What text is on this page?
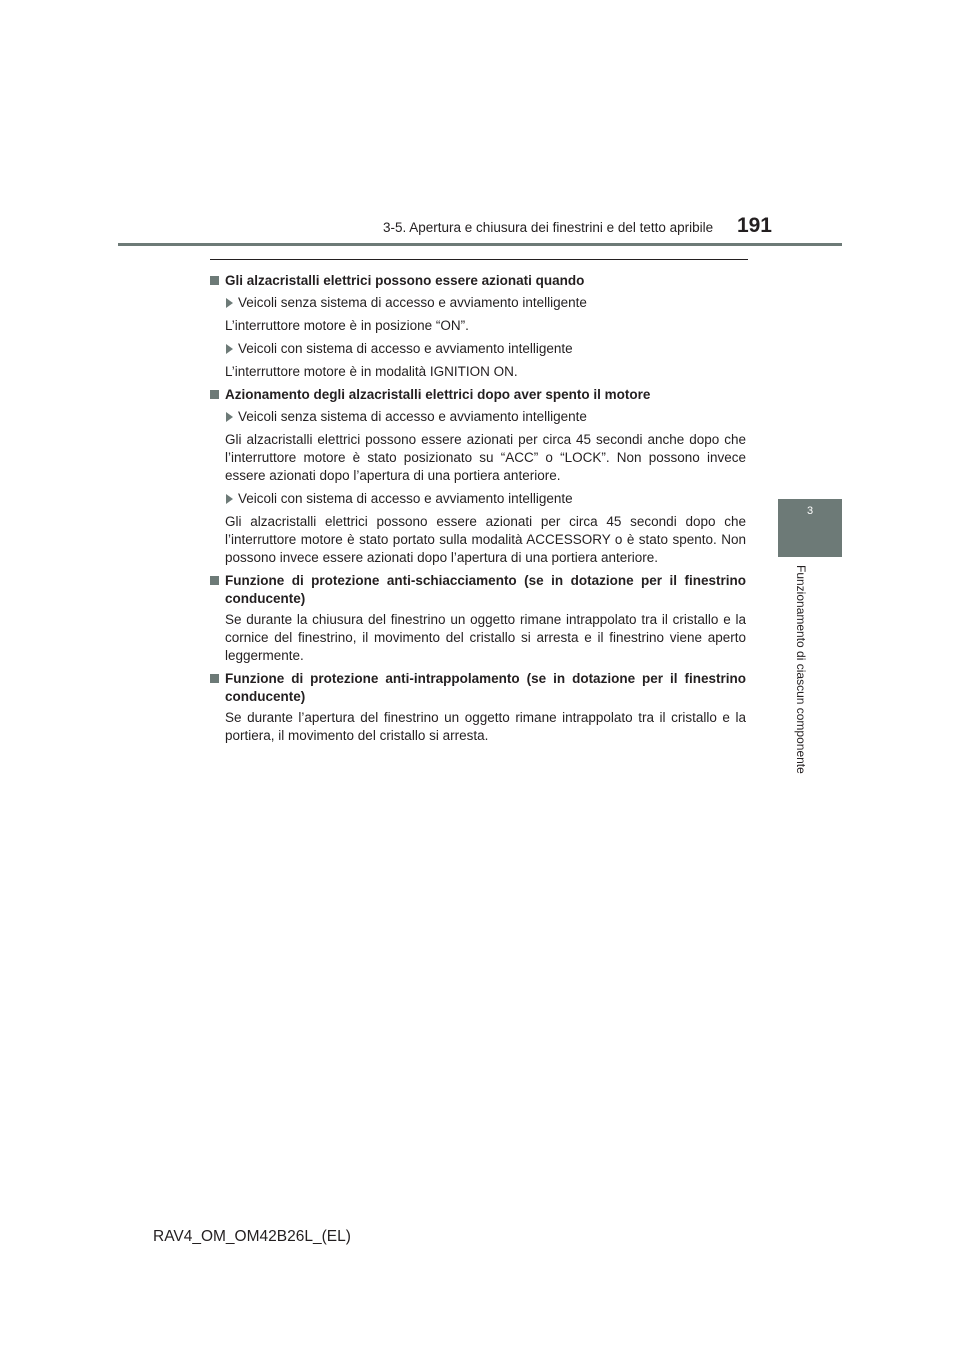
3-5. Apertura e chiusura dei finestrini e del tetto apribile	191
3
Funzionamento di ciascun componente
Gli alzacristalli elettrici possono essere azionati quando
Veicoli senza sistema di accesso e avviamento intelligente
L’interruttore motore è in posizione “ON”.
Veicoli con sistema di accesso e avviamento intelligente
L’interruttore motore è in modalità IGNITION ON.
Azionamento degli alzacristalli elettrici dopo aver spento il motore
Veicoli senza sistema di accesso e avviamento intelligente
Gli alzacristalli elettrici possono essere azionati per circa 45 secondi anche dopo che l’interruttore motore è stato posizionato su “ACC” o “LOCK”. Non possono invece essere azionati dopo l’apertura di una portiera anteriore.
Veicoli con sistema di accesso e avviamento intelligente
Gli alzacristalli elettrici possono essere azionati per circa 45 secondi dopo che l’interruttore motore è stato portato sulla modalità ACCESSORY o è stato spento. Non possono invece essere azionati dopo l’apertura di una portiera anteriore.
Funzione di protezione anti-schiacciamento (se in dotazione per il finestrino conducente)
Se durante la chiusura del finestrino un oggetto rimane intrappolato tra il cristallo e la cornice del finestrino, il movimento del cristallo si arresta e il finestrino viene aperto leggermente.
Funzione di protezione anti-intrappolamento (se in dotazione per il finestrino conducente)
Se durante l’apertura del finestrino un oggetto rimane intrappolato tra il cristallo e la portiera, il movimento del cristallo si arresta.
RAV4_OM_OM42B26L_(EL)
